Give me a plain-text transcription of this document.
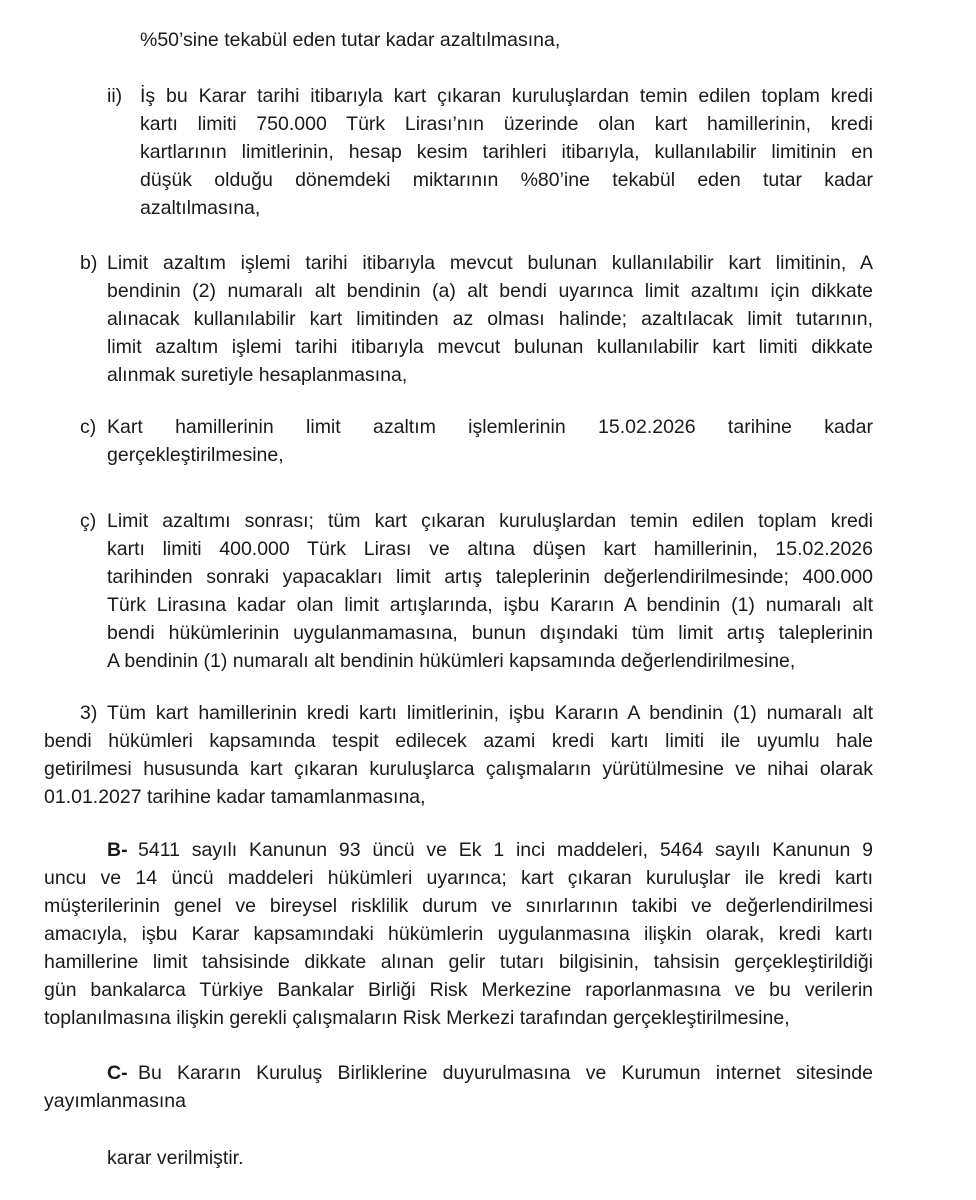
%50’sine tekabül eden tutar kadar azaltılmasına,
ii) İş bu Karar tarihi itibarıyla kart çıkaran kuruluşlardan temin edilen toplam kredi
kartı limiti 750.000 Türk Lirası’nın üzerinde olan kart hamillerinin, kredi
kartlarının limitlerinin, hesap kesim tarihleri itibarıyla, kullanılabilir limitinin en
düşük olduğu dönemdeki miktarının %80’ine tekabül eden tutar kadar
azaltılmasına,
b) Limit azaltım işlemi tarihi itibarıyla mevcut bulunan kullanılabilir kart limitinin, A
bendinin (2) numaralı alt bendinin (a) alt bendi uyarınca limit azaltımı için dikkate
alınacak kullanılabilir kart limitinden az olması halinde; azaltılacak limit tutarının,
limit azaltım işlemi tarihi itibarıyla mevcut bulunan kullanılabilir kart limiti dikkate
alınmak suretiyle hesaplanmasına,
c) Kart hamillerinin limit azaltım işlemlerinin 15.02.2026 tarihine kadar
gerçekleştirilmesine,
ç) Limit azaltımı sonrası; tüm kart çıkaran kuruluşlardan temin edilen toplam kredi
kartı limiti 400.000 Türk Lirası ve altına düşen kart hamillerinin, 15.02.2026
tarihinden sonraki yapacakları limit artış taleplerinin değerlendirilmesinde; 400.000
Türk Lirasına kadar olan limit artışlarında, işbu Kararın A bendinin (1) numaralı alt
bendi hükümlerinin uygulanmamasına, bunun dışındaki tüm limit artış taleplerinin
A bendinin (1) numaralı alt bendinin hükümleri kapsamında değerlendirilmesine,
3) Tüm kart hamillerinin kredi kartı limitlerinin, işbu Kararın A bendinin (1) numaralı alt
bendi hükümleri kapsamında tespit edilecek azami kredi kartı limiti ile uyumlu hale
getirilmesi hususunda kart çıkaran kuruluşlarca çalışmaların yürütülmesine ve nihai olarak
01.01.2027 tarihine kadar tamamlanmasına,
B- 5411 sayılı Kanunun 93 üncü ve Ek 1 inci maddeleri, 5464 sayılı Kanunun 9
uncu ve 14 üncü maddeleri hükümleri uyarınca; kart çıkaran kuruluşlar ile kredi kartı
müşterilerinin genel ve bireysel risklilik durum ve sınırlarının takibi ve değerlendirilmesi
amacıyla, işbu Karar kapsamındaki hükümlerin uygulanmasına ilişkin olarak, kredi kartı
hamillerine limit tahsisinde dikkate alınan gelir tutarı bilgisinin, tahsisin gerçekleştirildiği
gün bankalarca Türkiye Bankalar Birliği Risk Merkezine raporlanmasına ve bu verilerin
toplanılmasına ilişkin gerekli çalışmaların Risk Merkezi tarafından gerçekleştirilmesine,
C- Bu Kararın Kuruluş Birliklerine duyurulmasına ve Kurumun internet sitesinde
yayımlanmasına
karar verilmiştir.
